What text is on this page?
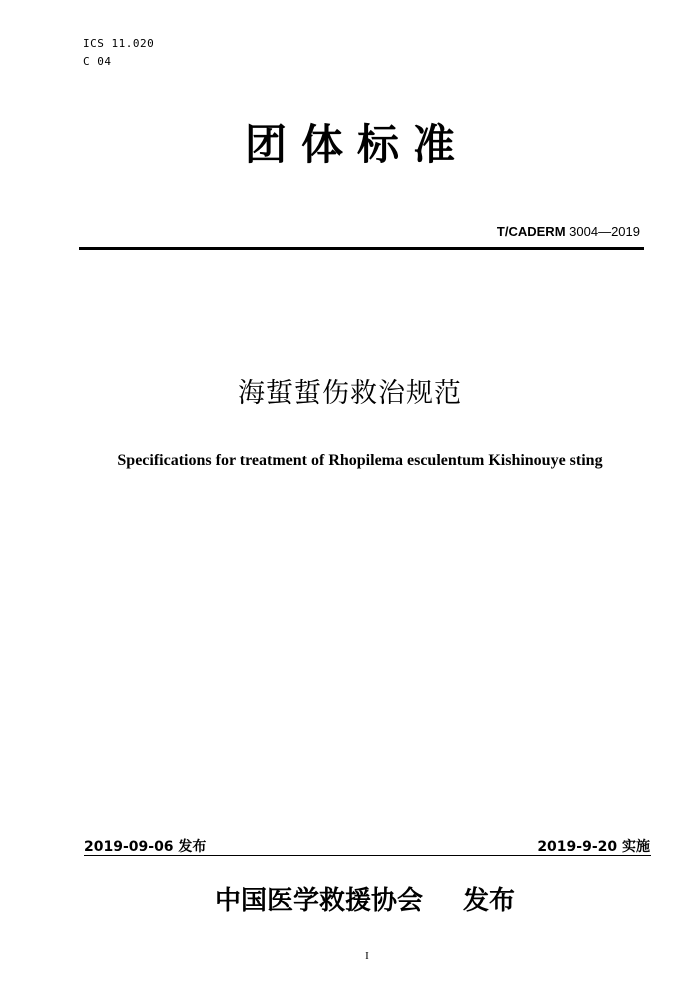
ICS 11.020
C 04
团体标准
T/CADERM 3004—2019
海蜇蜇伤救治规范
Specifications for treatment of Rhopilema esculentum Kishinouye sting
2019-09-06 发布	2019-9-20 实施
中国医学救援协会 发布
I
